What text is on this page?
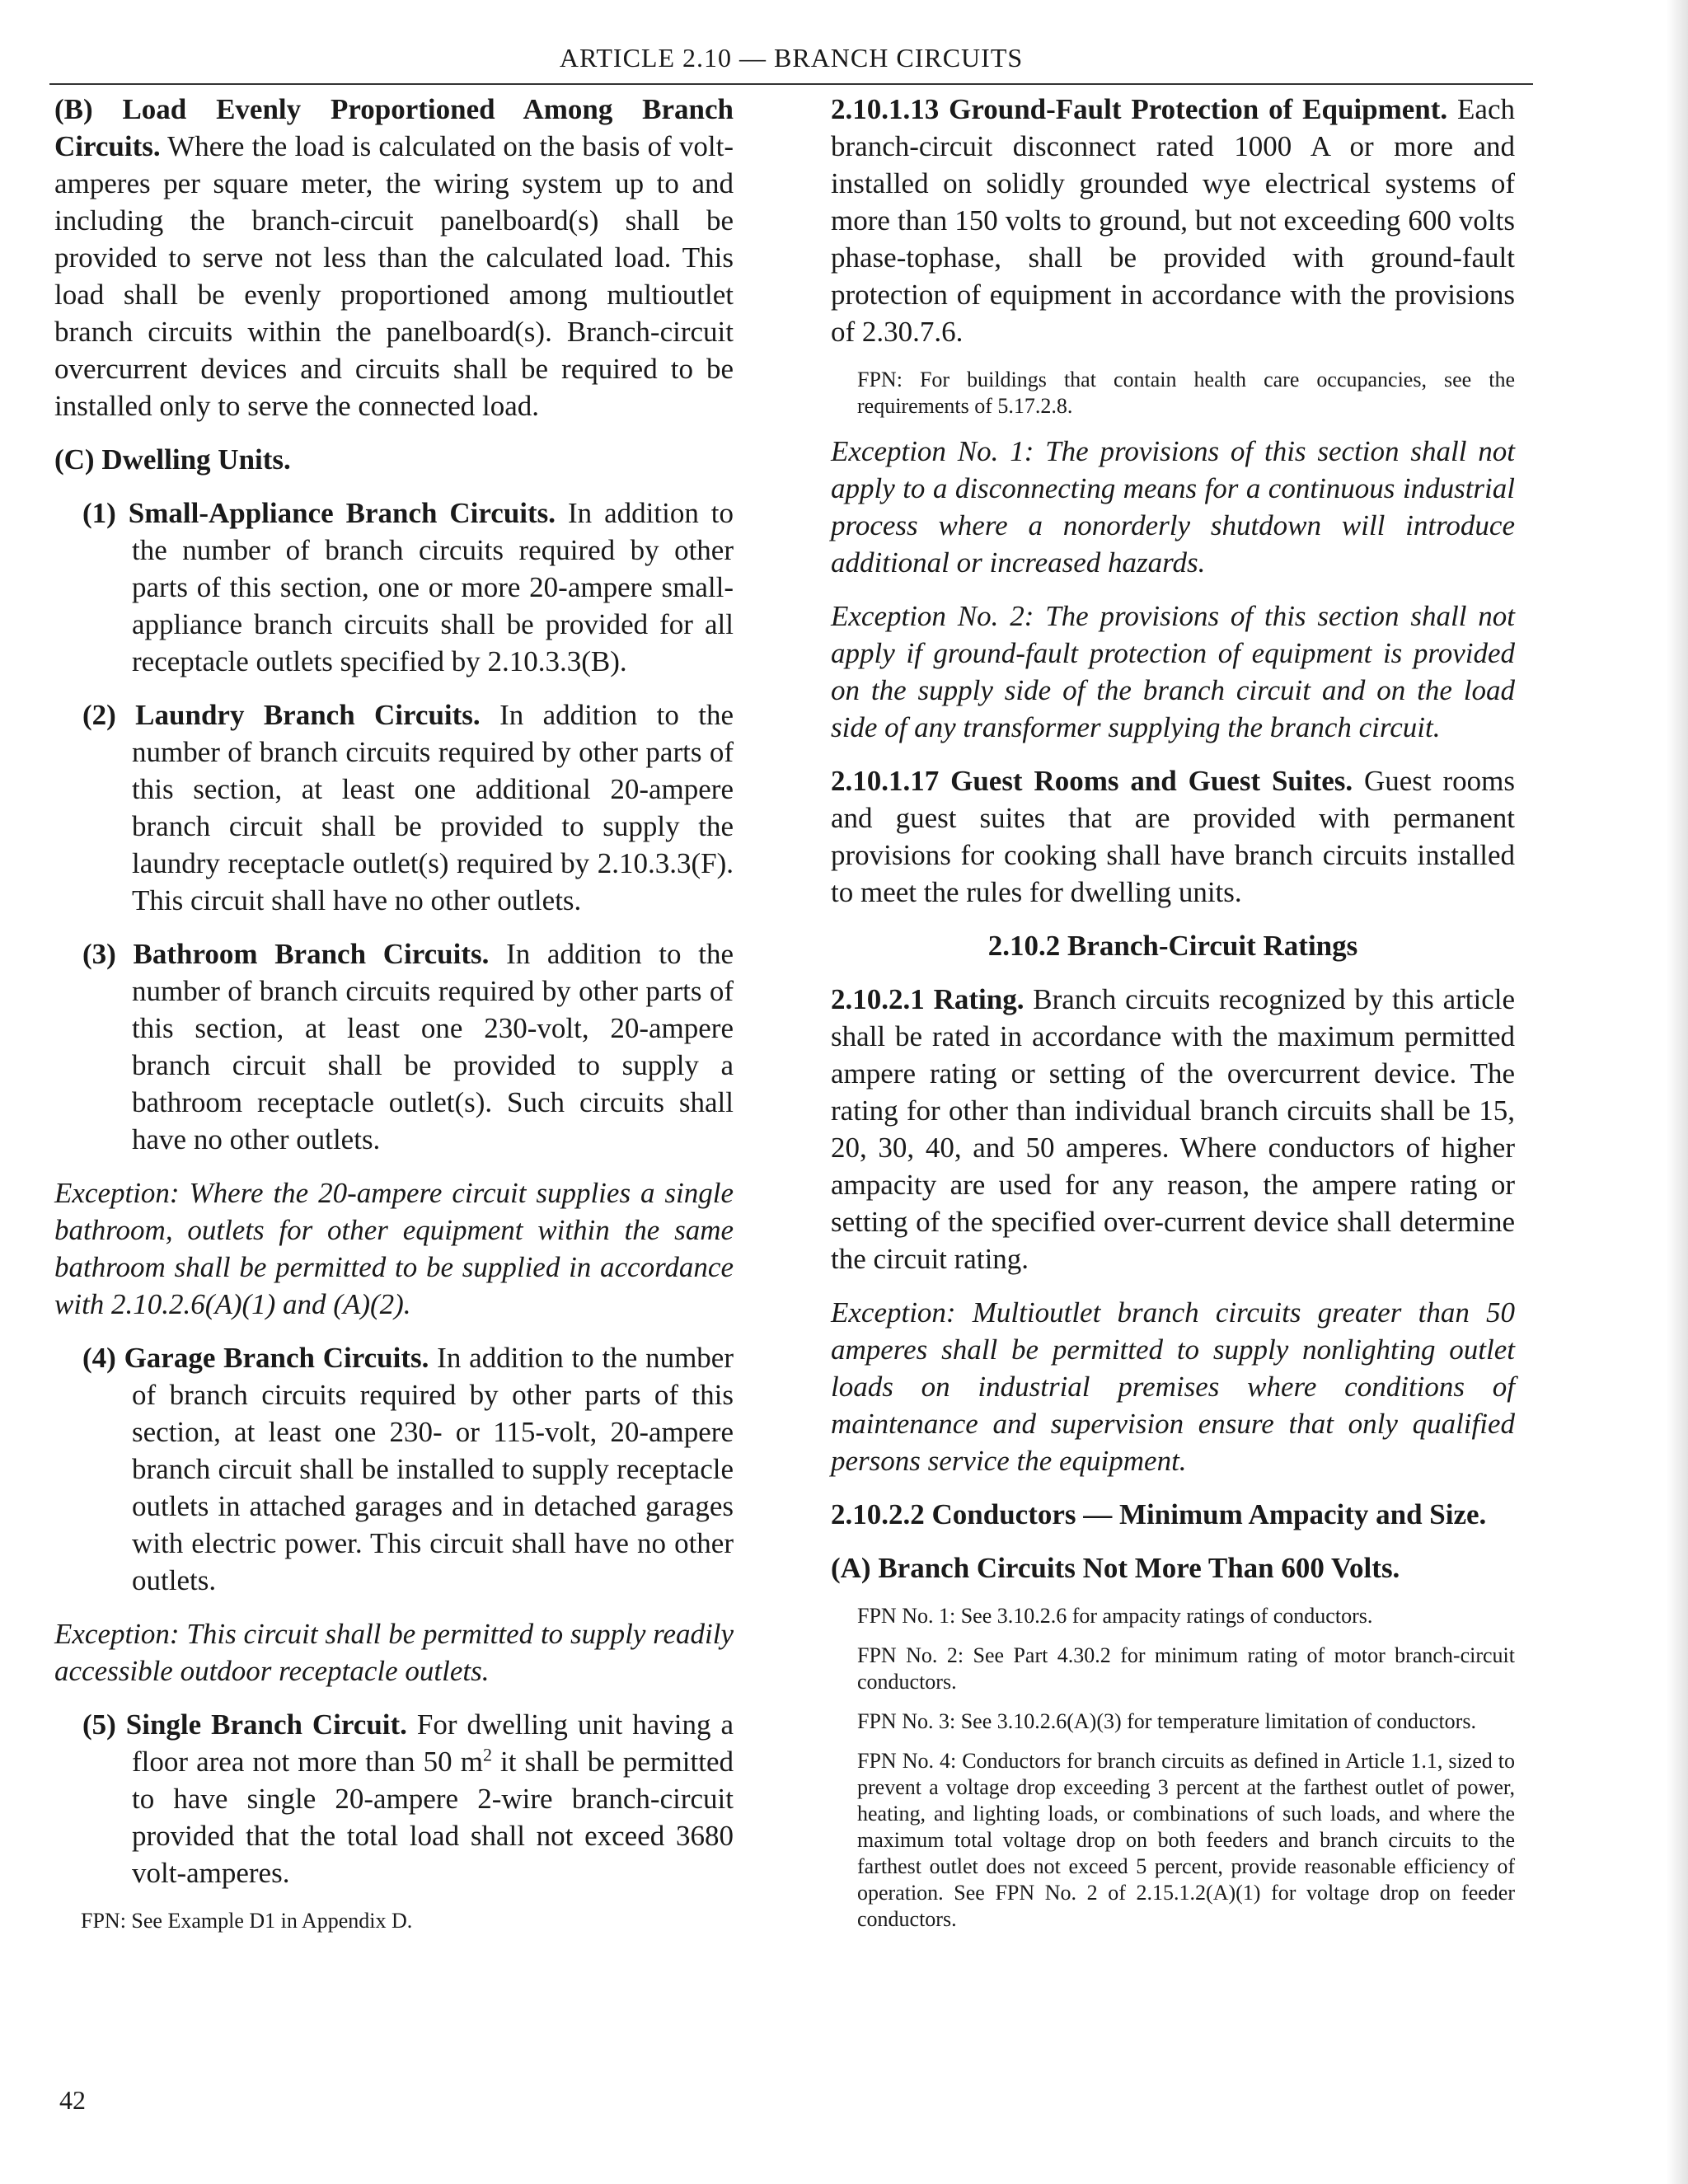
ARTICLE 2.10 — BRANCH CIRCUITS

(B) Load Evenly Proportioned Among Branch Circuits. Where the load is calculated on the basis of volt-amperes per square meter, the wiring system up to and including the branch-circuit panelboard(s) shall be provided to serve not less than the calculated load. This load shall be evenly proportioned among multioutlet branch circuits within the panelboard(s). Branch-circuit overcurrent devices and circuits shall be required to be installed only to serve the connected load.

(C) Dwelling Units.

(1) Small-Appliance Branch Circuits. In addition to the number of branch circuits required by other parts of this section, one or more 20-ampere small-appliance branch circuits shall be provided for all receptacle outlets specified by 2.10.3.3(B).

(2) Laundry Branch Circuits. In addition to the number of branch circuits required by other parts of this section, at least one additional 20-ampere branch circuit shall be provided to supply the laundry receptacle outlet(s) required by 2.10.3.3(F). This circuit shall have no other outlets.

(3) Bathroom Branch Circuits. In addition to the number of branch circuits required by other parts of this section, at least one 230-volt, 20-ampere branch circuit shall be provided to supply a bathroom receptacle outlet(s). Such circuits shall have no other outlets.

Exception: Where the 20-ampere circuit supplies a single bathroom, outlets for other equipment within the same bathroom shall be permitted to be supplied in accordance with 2.10.2.6(A)(1) and (A)(2).

(4) Garage Branch Circuits. In addition to the number of branch circuits required by other parts of this section, at least one 230- or 115-volt, 20-ampere branch circuit shall be installed to supply receptacle outlets in attached garages and in detached garages with electric power. This circuit shall have no other outlets.

Exception: This circuit shall be permitted to supply readily accessible outdoor receptacle outlets.

(5) Single Branch Circuit. For dwelling unit having a floor area not more than 50 $m^2$ it shall be permitted to have single 20-ampere 2-wire branch-circuit provided that the total load shall not exceed 3680 volt-amperes.

FPN: See Example D1 in Appendix D.

2.10.1.13 Ground-Fault Protection of Equipment. Each branch-circuit disconnect rated 1000 A or more and installed on solidly grounded wye electrical systems of more than 150 volts to ground, but not exceeding 600 volts phase-tophase, shall be provided with ground-fault protection of equipment in accordance with the provisions of 2.30.7.6.

FPN: For buildings that contain health care occupancies, see the requirements of 5.17.2.8.

Exception No. 1: The provisions of this section shall not apply to a disconnecting means for a continuous industrial process where a nonorderly shutdown will introduce additional or increased hazards.

Exception No. 2: The provisions of this section shall not apply if ground-fault protection of equipment is provided on the supply side of the branch circuit and on the load side of any transformer supplying the branch circuit.

2.10.1.17 Guest Rooms and Guest Suites. Guest rooms and guest suites that are provided with permanent provisions for cooking shall have branch circuits installed to meet the rules for dwelling units.

2.10.2 Branch-Circuit Ratings

2.10.2.1 Rating. Branch circuits recognized by this article shall be rated in accordance with the maximum permitted ampere rating or setting of the overcurrent device. The rating for other than individual branch circuits shall be 15, 20, 30, 40, and 50 amperes. Where conductors of higher ampacity are used for any reason, the ampere rating or setting of the specified over-current device shall determine the circuit rating.

Exception: Multioutlet branch circuits greater than 50 amperes shall be permitted to supply nonlighting outlet loads on industrial premises where conditions of maintenance and supervision ensure that only qualified persons service the equipment.

2.10.2.2 Conductors — Minimum Ampacity and Size.

(A) Branch Circuits Not More Than 600 Volts.

FPN No. 1: See 3.10.2.6 for ampacity ratings of conductors.

FPN No. 2: See Part 4.30.2 for minimum rating of motor branch-circuit conductors.

FPN No. 3: See 3.10.2.6(A)(3) for temperature limitation of conductors.

FPN No. 4: Conductors for branch circuits as defined in Article 1.1, sized to prevent a voltage drop exceeding 3 percent at the farthest outlet of power, heating, and lighting loads, or combinations of such loads, and where the maximum total voltage drop on both feeders and branch circuits to the farthest outlet does not exceed 5 percent, provide reasonable efficiency of operation. See FPN No. 2 of 2.15.1.2(A)(1) for voltage drop on feeder conductors.

42
